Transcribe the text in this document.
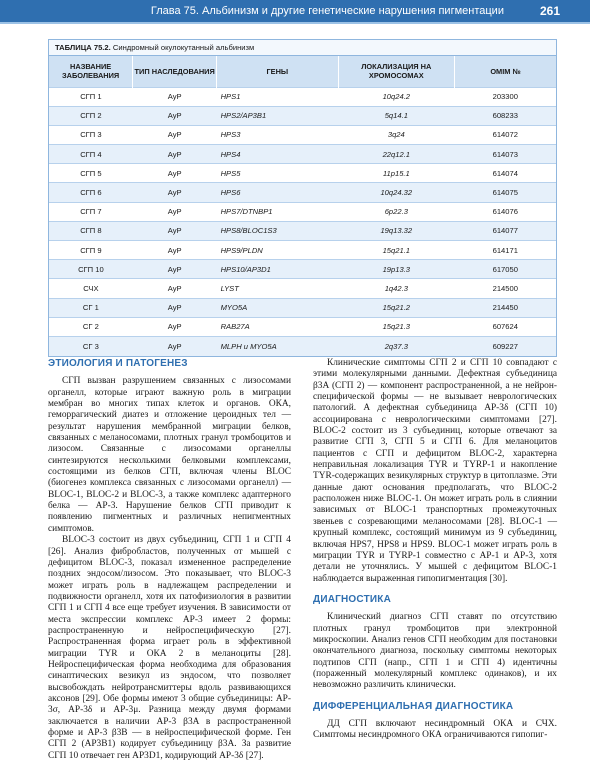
Глава 75. Альбинизм и другие генетические нарушения пигментации	261
ТАБЛИЦА 75.2. Синдромный окулокутанный альбинизм
НАЗВАНИЕ ЗАБОЛЕВАНИЯ	ТИП НАСЛЕДОВАНИЯ	ГЕНЫ	ЛОКАЛИЗАЦИЯ НА ХРОМОСОМАХ	OMIM №
СГП 1	АуР	HPS1	10q24.2	203300
СГП 2	АуР	HPS2/AP3B1	5q14.1	608233
СГП 3	АуР	HPS3	3q24	614072
СГП 4	АуР	HPS4	22q12.1	614073
СГП 5	АуР	HPS5	11p15.1	614074
СГП 6	АуР	HPS6	10q24.32	614075
СГП 7	АуР	HPS7/DTNBP1	6p22.3	614076
СГП 8	АуР	HPS8/BLOC1S3	19q13.32	614077
СГП 9	АуР	HPS9/PLDN	15q21.1	614171
СГП 10	АуР	HPS10/AP3D1	19p13.3	617050
СЧХ	АуР	LYST	1q42.3	214500
СГ 1	АуР	MYO5A	15q21.2	214450
СГ 2	АуР	RAB27A	15q21.3	607624
СГ 3	АуР	MLPH и MYO5A	2q37.3	609227
ЭТИОЛОГИЯ И ПАТОГЕНЕЗ

СГП вызван разрушением связанных с лизосомами органелл, которые играют важную роль в миграции мембран во многих типах клеток и органов. ОКА, геморрагический диатез и отложение цероидных тел — результат нарушения мембранной миграции белков, связанных с меланосомами, плотных гранул тромбоцитов и лизосом. Связанные с лизосомами органеллы синтезируются несколькими белковыми комплексами, состоящими из белков СГП, включая члены BLOC (биогенез комплекса связанных с лизосомами органелл) — BLOC-1, BLOC-2 и BLOC-3, а также комплекс адаптерного белка — AP-3. Нарушение белков СГП приводит к появлению пигментных и различных непигментных симптомов.

BLOC-3 состоит из двух субъединиц, СГП 1 и СГП 4 [26]. Анализ фибробластов, полученных от мышей с дефицитом BLOC-3, показал измененное распределение поздних эндосом/лизосом. Это показывает, что BLOC-3 может играть роль в надлежащем распределении и подвижности органелл, хотя их патофизиология в развитии СГП 1 и СГП 4 все еще требует изучения. В зависимости от места экспрессии комплекс AP-3 имеет 2 формы: распространенную и нейроспецифическую [27]. Распространенная форма играет роль в эффективной миграции TYR и ОКА 2 в меланоциты [28]. Нейроспецифическая форма необходима для образования синаптических везикул из эндосом, что позволяет высвобождать нейротрансмиттеры вдоль развивающихся аксонов [29]. Обе формы имеют 3 общие субъединицы: AP-3σ, AP-3δ и AP-3μ. Разница между двумя формами заключается в наличии AP-3 β3A в распространенной форме и AP-3 β3B — в нейроспецифической форме. Ген СГП 2 (AP3B1) кодирует субъединицу β3A. За развитие СГП 10 отвечает ген AP3D1, кодирующий AP-3δ [27].

Клинические симптомы СГП 2 и СГП 10 совпадают с этими молекулярными данными. Дефектная субъединица β3A (СГП 2) — компонент распространенной, а не нейрон-специфической формы — не вызывает неврологических патологий. А дефектная субъединица AP-3δ (СГП 10) ассоциирована с неврологическими симптомами [27]. BLOC-2 состоит из 3 субъединиц, которые отвечают за развитие СГП 3, СГП 5 и СГП 6. Для меланоцитов пациентов с СГП и дефицитом BLOC-2, характерна неправильная локализация TYR и TYRP-1 и накопление TYR-содержащих везикулярных структур в цитоплазме. Эти данные дают основания предполагать, что BLOC-2 расположен ниже BLOC-1. Он может играть роль в слиянии зависимых от BLOC-1 транспортных промежуточных звеньев с созревающими меланосомами [28]. BLOC-1 — крупный комплекс, состоящий минимум из 9 субъединиц, включая HPS7, HPS8 и HPS9. BLOC-1 может играть роль в миграции TYR и TYRP-1 совместно с AP-1 и AP-3, хотя детали не уточнялись. У мышей с дефицитом BLOC-1 наблюдается выраженная гипопигментация [30].

ДИАГНОСТИКА

Клинический диагноз СГП ставят по отсутствию плотных гранул тромбоцитов при электронной микроскопии. Анализ генов СГП необходим для постановки окончательного диагноза, поскольку симптомы некоторых подтипов СГП (напр., СГП 1 и СГП 4) идентичны (пораженный молекулярный комплекс одинаков), и их невозможно различить клинически.

ДИФФЕРЕНЦИАЛЬНАЯ ДИАГНОСТИКА

ДД СГП включают несиндромный ОКА и СЧХ. Симптомы несиндромного ОКА ограничиваются гипопиг-
